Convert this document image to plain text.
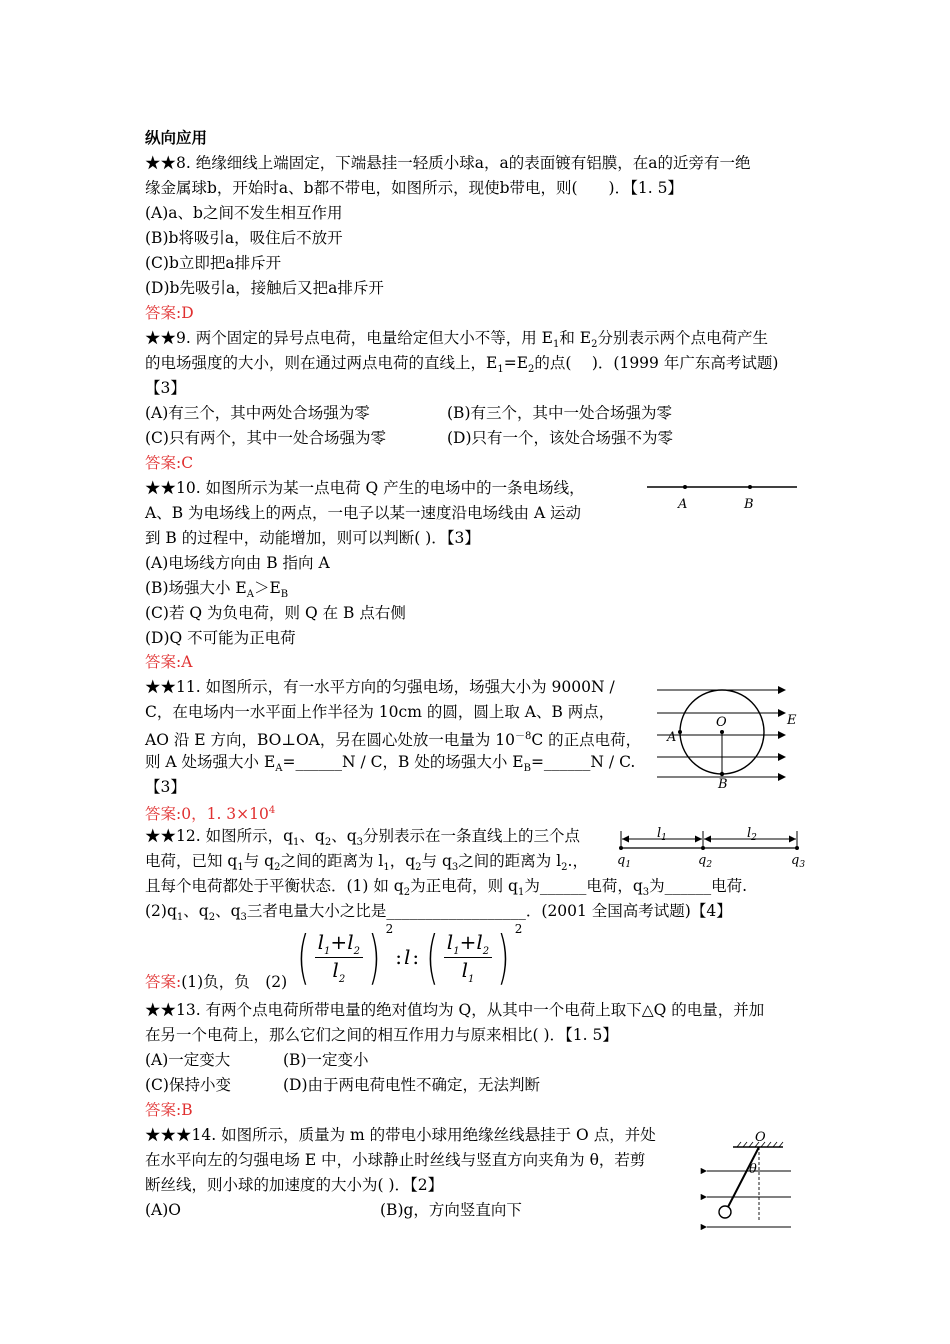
纵向应用
★★8. 绝缘细线上端固定，下端悬挂一轻质小球a，a的表面镀有铝膜，在a的近旁有一绝
缘金属球b，开始时a、b都不带电，如图所示，现使b带电，则(　　)．【1. 5】
(A)a、b之间不发生相互作用
(B)b将吸引a，吸住后不放开
(C)b立即把a排斥开
(D)b先吸引a，接触后又把a排斥开
答案:D
★★9. 两个固定的异号点电荷，电量给定但大小不等，用 $E_1$和 $E_2$分别表示两个点电荷产生
的电场强度的大小，则在通过两点电荷的直线上，$E_1=E_2$的点(　 )．(1999 年广东高考试题)
【3】
(A)有三个，其中两处合场强为零	(B)有三个，其中一处合场强为零
(C)只有两个，其中一处合场强为零	(D)只有一个，该处合场强不为零
答案:C
★★10. 如图所示为某一点电荷 Q 产生的电场中的一条电场线，
A、B 为电场线上的两点，一电子以某一速度沿电场线由 A 运动
到 B 的过程中，动能增加，则可以判断( )．【3】
(A)电场线方向由 B 指向 A
(B)场强大小 $E_A>E_B$
(C)若 Q 为负电荷，则 Q 在 B 点右侧
(D)Q 不可能为正电荷
答案:A
A	B
★★11. 如图所示，有一水平方向的匀强电场，场强大小为 9000N /
C，在电场内一水平面上作半径为 10cm 的圆，圆上取 A、B 两点，
AO 沿 E 方向，BO⊥OA，另在圆心处放一电量为 $10^{-8}C$ 的正点电荷，
则 A 处场强大小 $E_A=\_\_\_\_\_\_N / C$，B 处的场强大小 $E_B=\_\_\_\_\_\_N / C$.
【3】
答案:0，1. $3\times 10^4$
O	E
A
B
★★12. 如图所示，$q_1$、$q_2$、$q_3$分别表示在一条直线上的三个点
电荷，已知 $q_1$与 $q_2$之间的距离为 $l_1$，$q_2$与 $q_3$之间的距离为 $l_2$.，
且每个电荷都处于平衡状态．(1) 如 $q_2$为正电荷，则 $q_1$为______电荷，$q_3$为______电荷.
$(2)q_1$、$q_2$、$q_3$三者电量大小之比是__________________．(2001 全国高考试题)【4】
答案:(1)负，负　(2) ( $\frac{l_1+l_2}{l_2}$ ) $^2$: l : ( $\frac{l_1+l_2}{l_1}$ ) $^2$
$l_1$	$l_2$
$q_1$	$q_2$	$q_3$
★★13. 有两个点电荷所带电量的绝对值均为 Q，从其中一个电荷上取下△Q 的电量，并加
在另一个电荷上，那么它们之间的相互作用力与原来相比( )．【1. 5】
(A)一定变大	(B)一定变小
(C)保持小变	(D)由于两电荷电性不确定，无法判断
答案:B
★★★14. 如图所示，质量为 m 的带电小球用绝缘丝线悬挂于 O 点，并处
在水平向左的匀强电场 E 中，小球静止时丝线与竖直方向夹角为 θ，若剪
断丝线，则小球的加速度的大小为( )．【2】
(A)O	(B)g，方向竖直向下
O
θ
